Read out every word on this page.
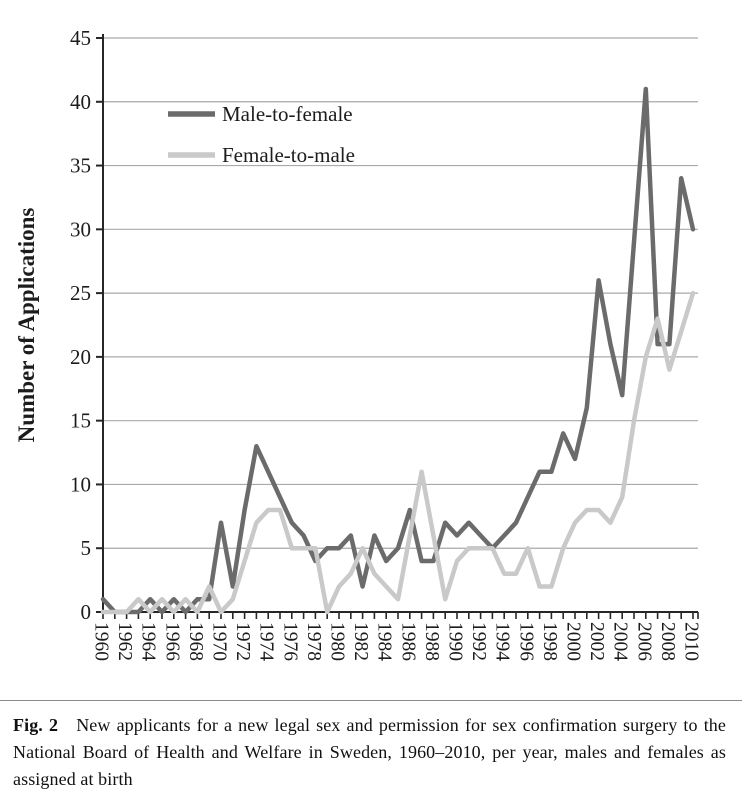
0
5
10
15
20
25
30
35
40
45
1960 1962 1964 1966 1968 1970 1972 1974 1976 1978 1980 1982 1984 1986 1988 1990 1992 1994 1996 1998 2000 2002 2004 2006 2008 2010
Number of Applications
Male-to-female
Female-to-male

Fig. 2  New applicants for a new legal sex and permission for sex confirmation surgery to the National Board of Health and Welfare in Sweden, 1960–2010, per year, males and females as assigned at birth
